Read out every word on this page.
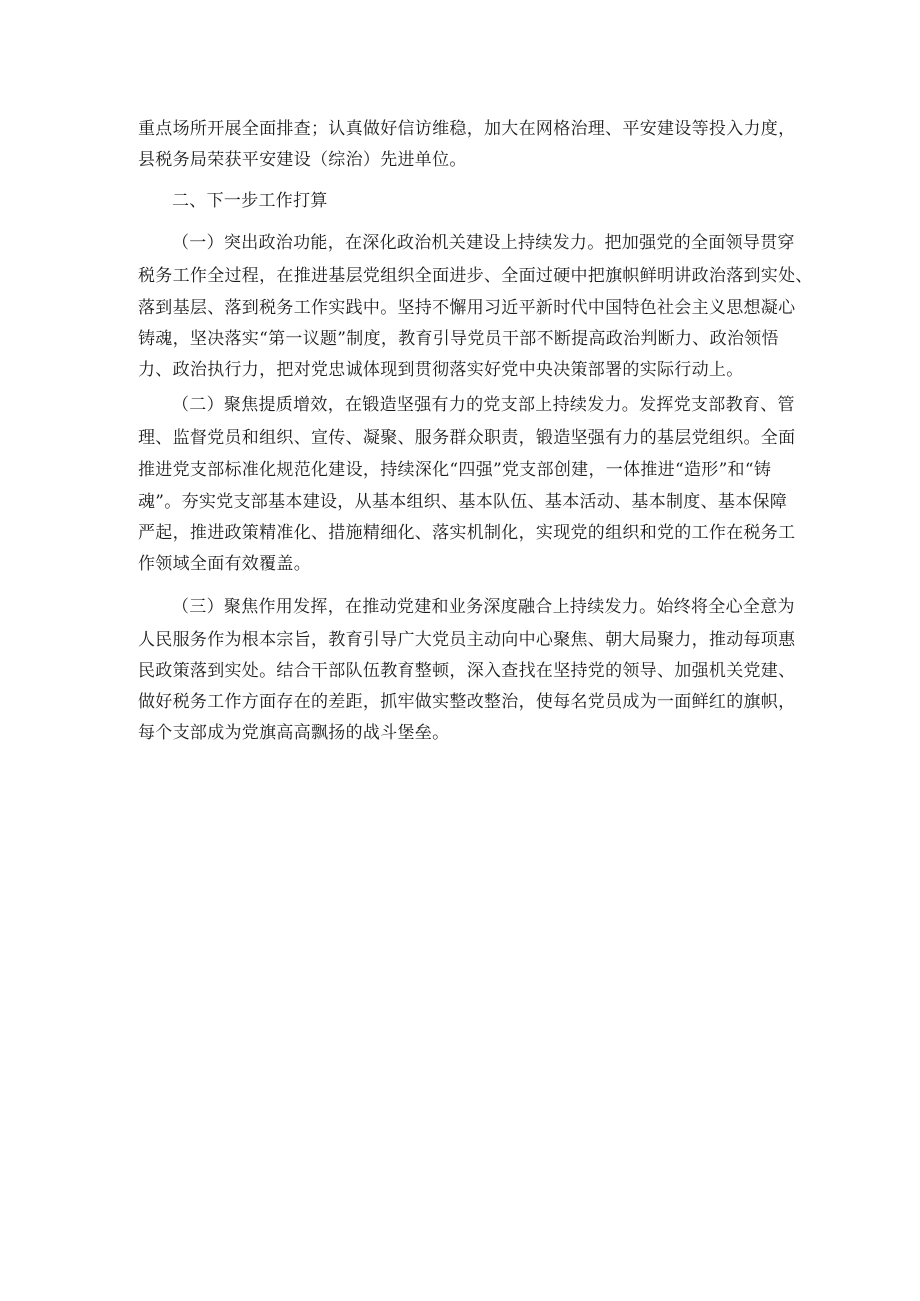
重点场所开展全面排查；认真做好信访维稳，加大在网格治理、平安建设等投入力度，

县税务局荣获平安建设（综治）先进单位。

二、下一步工作打算

（一）突出政治功能，在深化政治机关建设上持续发力。把加强党的全面领导贯穿

税务工作全过程，在推进基层党组织全面进步、全面过硬中把旗帜鲜明讲政治落到实处、

落到基层、落到税务工作实践中。坚持不懈用习近平新时代中国特色社会主义思想凝心

铸魂，坚决落实“第一议题”制度，教育引导党员干部不断提高政治判断力、政治领悟

力、政治执行力，把对党忠诚体现到贯彻落实好党中央决策部署的实际行动上。

（二）聚焦提质增效，在锻造坚强有力的党支部上持续发力。发挥党支部教育、管

理、监督党员和组织、宣传、凝聚、服务群众职责，锻造坚强有力的基层党组织。全面

推进党支部标准化规范化建设，持续深化“四强”党支部创建，一体推进“造形”和“铸

魂”。夯实党支部基本建设，从基本组织、基本队伍、基本活动、基本制度、基本保障

严起，推进政策精准化、措施精细化、落实机制化，实现党的组织和党的工作在税务工

作领域全面有效覆盖。

（三）聚焦作用发挥，在推动党建和业务深度融合上持续发力。始终将全心全意为

人民服务作为根本宗旨，教育引导广大党员主动向中心聚焦、朝大局聚力，推动每项惠

民政策落到实处。结合干部队伍教育整顿，深入查找在坚持党的领导、加强机关党建、

做好税务工作方面存在的差距，抓牢做实整改整治，使每名党员成为一面鲜红的旗帜，

每个支部成为党旗高高飘扬的战斗堡垒。
